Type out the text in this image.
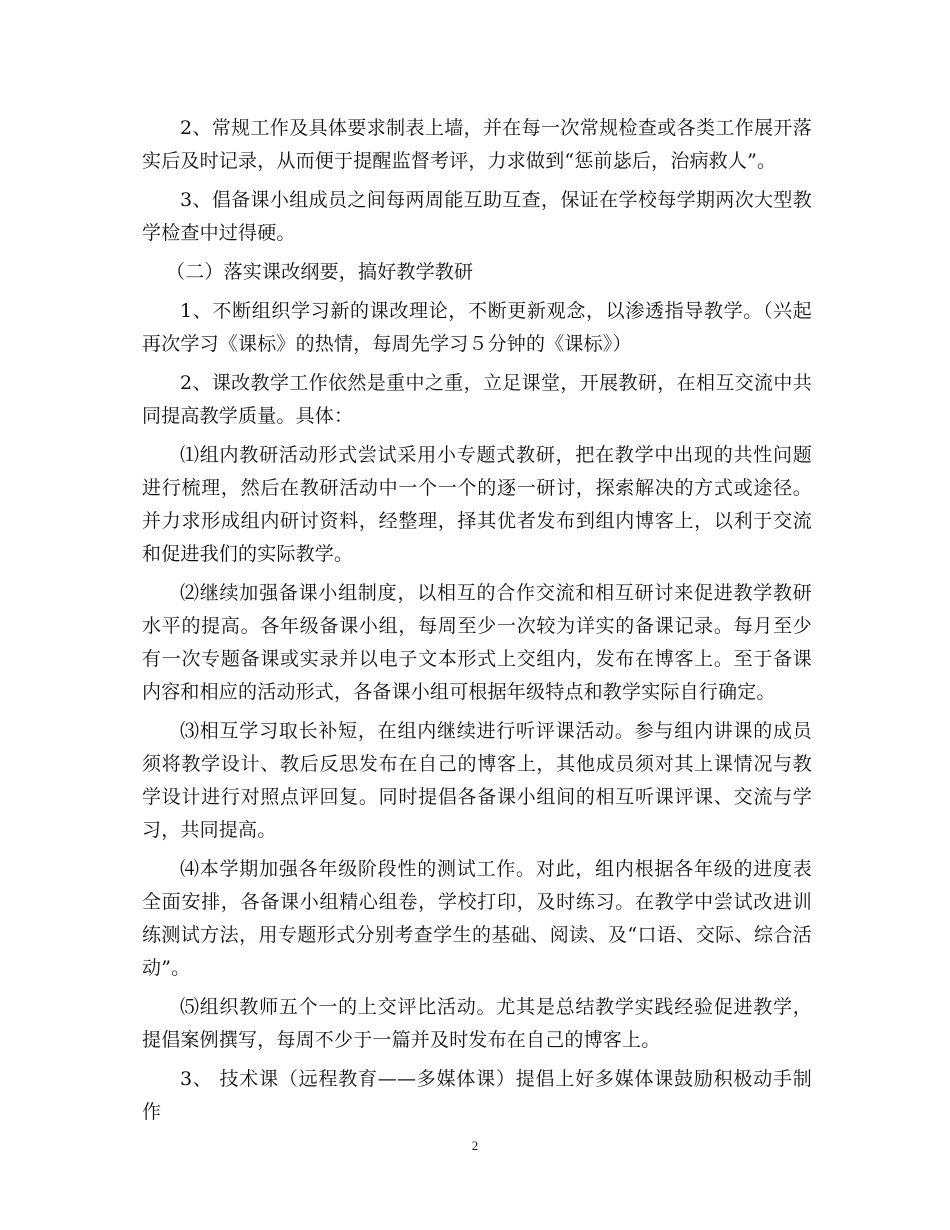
2、常规工作及具体要求制表上墙，并在每一次常规检查或各类工作展开落实后及时记录，从而便于提醒监督考评，力求做到“惩前毖后，治病救人”。

3、倡备课小组成员之间每两周能互助互查，保证在学校每学期两次大型教学检查中过得硬。

（二）落实课改纲要，搞好教学教研

1、不断组织学习新的课改理论，不断更新观念，以渗透指导教学。（兴起再次学习《课标》的热情，每周先学习５分钟的《课标》）

2、课改教学工作依然是重中之重，立足课堂，开展教研，在相互交流中共同提高教学质量。具体：

⑴组内教研活动形式尝试采用小专题式教研，把在教学中出现的共性问题进行梳理，然后在教研活动中一个一个的逐一研讨，探索解决的方式或途径。并力求形成组内研讨资料，经整理，择其优者发布到组内博客上，以利于交流和促进我们的实际教学。

⑵继续加强备课小组制度，以相互的合作交流和相互研讨来促进教学教研水平的提高。各年级备课小组，每周至少一次较为详实的备课记录。每月至少有一次专题备课或实录并以电子文本形式上交组内，发布在博客上。至于备课内容和相应的活动形式，各备课小组可根据年级特点和教学实际自行确定。

⑶相互学习取长补短，在组内继续进行听评课活动。参与组内讲课的成员须将教学设计、教后反思发布在自己的博客上，其他成员须对其上课情况与教学设计进行对照点评回复。同时提倡各备课小组间的相互听课评课、交流与学习，共同提高。

⑷本学期加强各年级阶段性的测试工作。对此，组内根据各年级的进度表全面安排，各备课小组精心组卷，学校打印，及时练习。在教学中尝试改进训练测试方法，用专题形式分别考查学生的基础、阅读、及“口语、交际、综合活动”。

⑸组织教师五个一的上交评比活动。尤其是总结教学实践经验促进教学，提倡案例撰写，每周不少于一篇并及时发布在自己的博客上。

3、 技术课（远程教育——多媒体课）提倡上好多媒体课鼓励积极动手制作

2
